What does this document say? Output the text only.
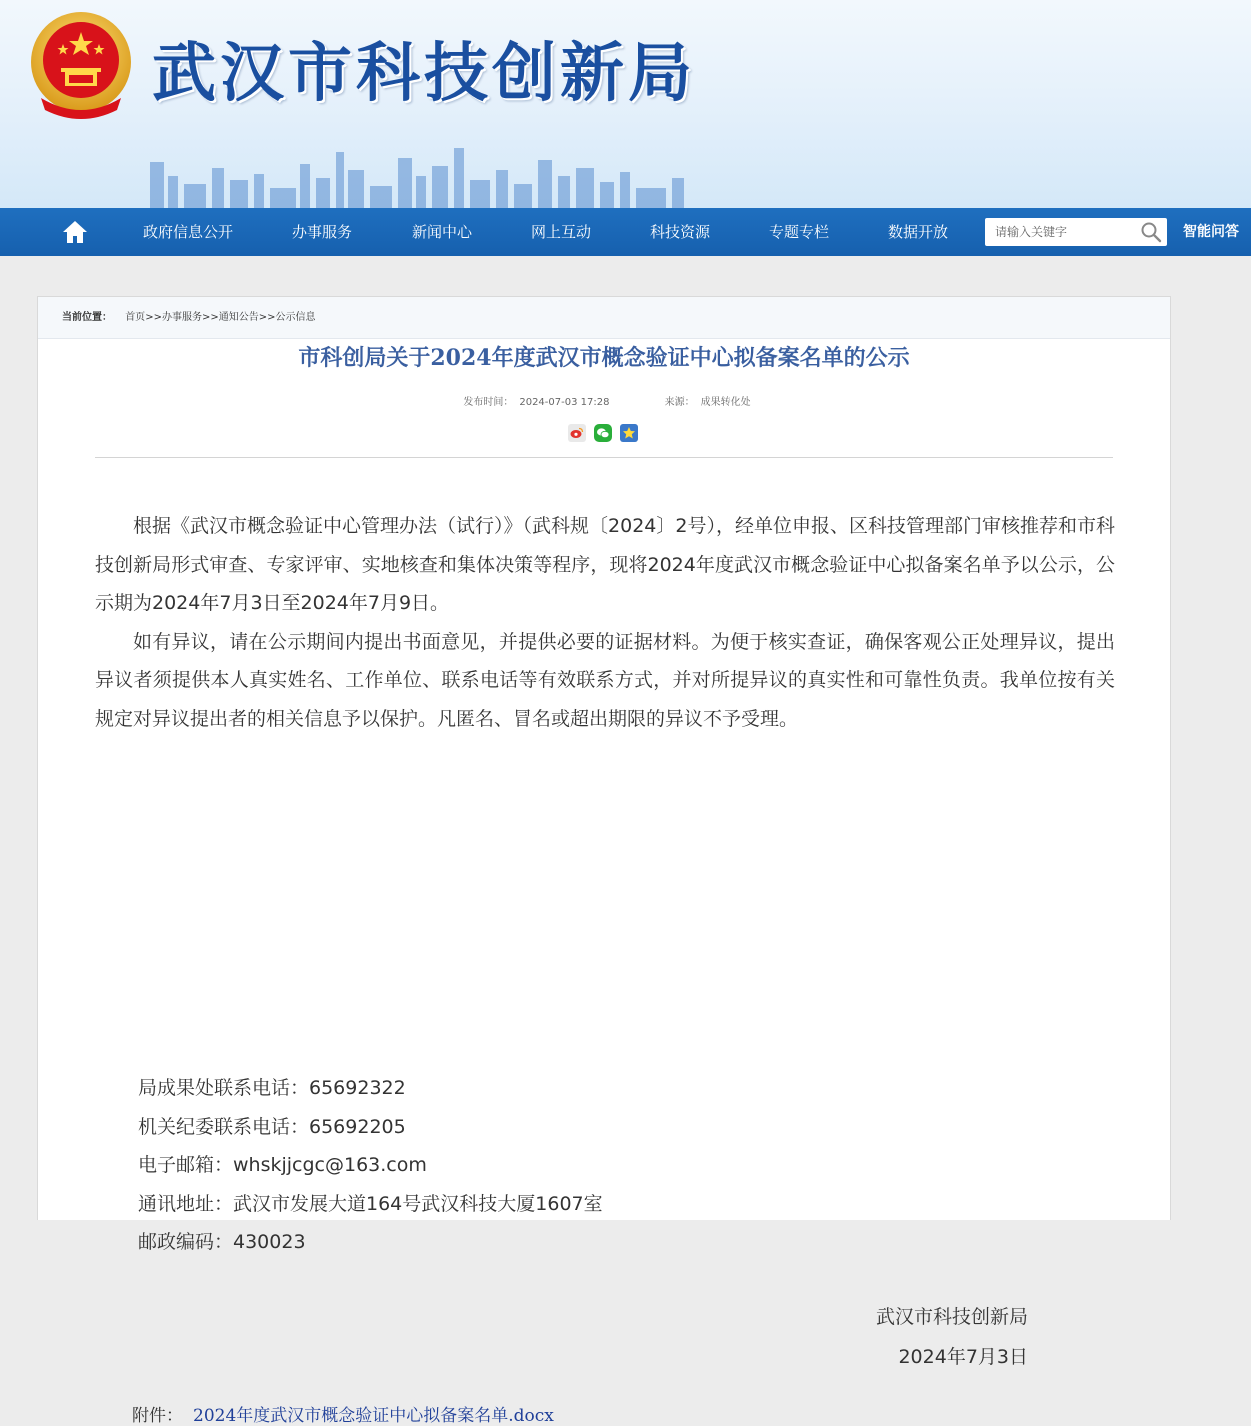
武汉市科技创新局
政府信息公开	办事服务	新闻中心	网上互动	科技资源	专题专栏	数据开放
请输入关键字	智能问答
当前位置： 首页>>办事服务>>通知公告>>公示信息
市科创局关于2024年度武汉市概念验证中心拟备案名单的公示
发布时间： 2024-07-03 17:28	来源： 成果转化处

根据《武汉市概念验证中心管理办法（试行）》（武科规〔2024〕2号），经单位申报、区科技管理部门审核推荐和市科技创新局形式审查、专家评审、实地核查和集体决策等程序，现将2024年度武汉市概念验证中心拟备案名单予以公示，公示期为2024年7月3日至2024年7月9日。

如有异议，请在公示期间内提出书面意见，并提供必要的证据材料。为便于核实查证，确保客观公正处理异议，提出异议者须提供本人真实姓名、工作单位、联系电话等有效联系方式，并对所提异议的真实性和可靠性负责。我单位按有关规定对异议提出者的相关信息予以保护。凡匿名、冒名或超出期限的异议不予受理。

局成果处联系电话：65692322
机关纪委联系电话：65692205
电子邮箱：whskjjcgc@163.com
通讯地址：武汉市发展大道164号武汉科技大厦1607室
邮政编码：430023
武汉市科技创新局
2024年7月3日
附件： 2024年度武汉市概念验证中心拟备案名单.docx
